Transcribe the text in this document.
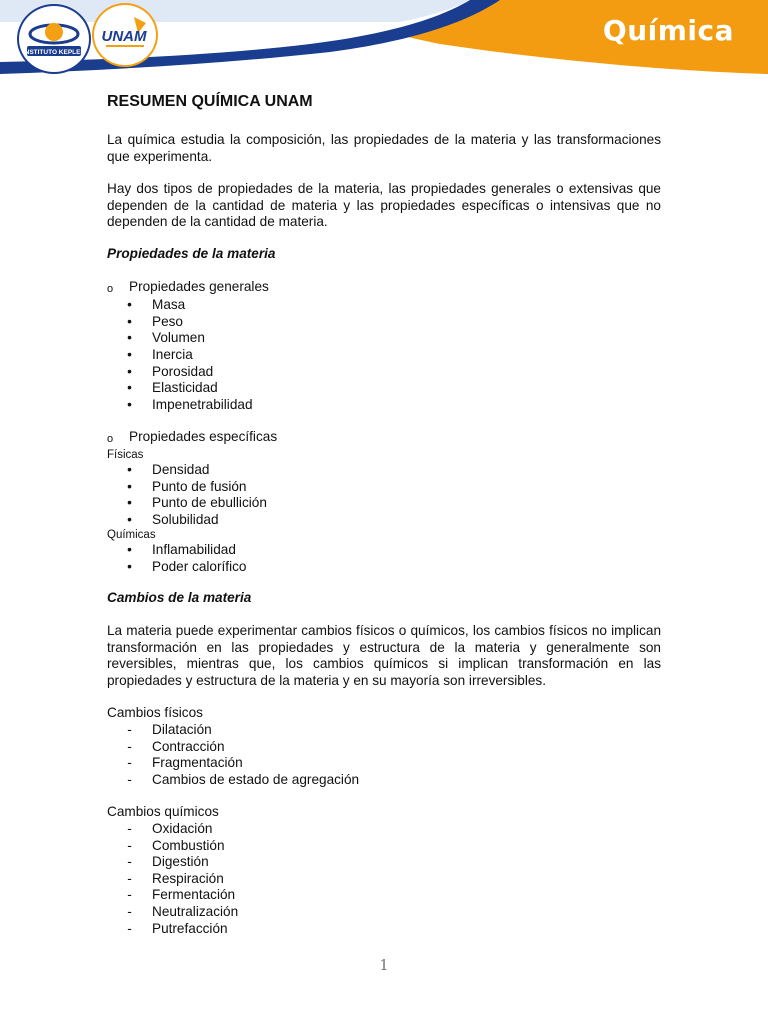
Química
INSTITUTO KEPLER
UNAM
RESUMEN QUÍMICA UNAM

La química estudia la composición, las propiedades de la materia y las transformaciones que experimenta.

Hay dos tipos de propiedades de la materia, las propiedades generales o extensivas que dependen de la cantidad de materia y las propiedades específicas o intensivas que no dependen de la cantidad de materia.

Propiedades de la materia
o	Propiedades generales
•	Masa
•	Peso
•	Volumen
•	Inercia
•	Porosidad
•	Elasticidad
•	Impenetrabilidad
o	Propiedades específicas
Físicas
•	Densidad
•	Punto de fusión
•	Punto de ebullición
•	Solubilidad
Químicas
•	Inflamabilidad
•	Poder calorífico
Cambios de la materia

La materia puede experimentar cambios físicos o químicos, los cambios físicos no implican transformación en las propiedades y estructura de la materia y generalmente son reversibles, mientras que, los cambios químicos si implican transformación en las propiedades y estructura de la materia y en su mayoría son irreversibles.

Cambios físicos
-	Dilatación
-	Contracción
-	Fragmentación
-	Cambios de estado de agregación
Cambios químicos
-	Oxidación
-	Combustión
-	Digestión
-	Respiración
-	Fermentación
-	Neutralización
-	Putrefacción
1
